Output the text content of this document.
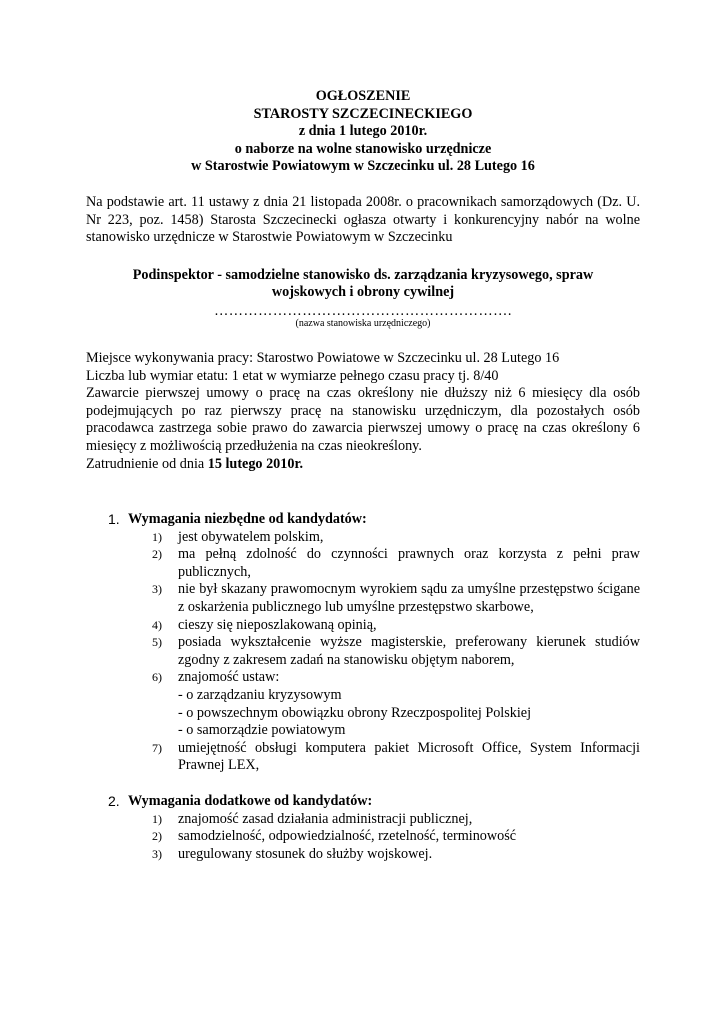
OGŁOSZENIE
STAROSTY SZCZECINECKIEGO
z dnia 1 lutego 2010r.
o naborze na wolne stanowisko urzędnicze
w Starostwie Powiatowym w Szczecinku ul. 28 Lutego 16
Na podstawie art. 11 ustawy z dnia 21 listopada 2008r. o pracownikach samorządowych (Dz. U. Nr 223, poz. 1458) Starosta Szczecinecki ogłasza otwarty i konkurencyjny nabór na wolne stanowisko urzędnicze w Starostwie Powiatowym w Szczecinku
Podinspektor - samodzielne stanowisko ds. zarządzania kryzysowego, spraw
wojskowych i obrony cywilnej
…………………………………………………….
(nazwa stanowiska urzędniczego)

Miejsce wykonywania pracy: Starostwo Powiatowe w Szczecinku ul. 28 Lutego 16

Liczba lub wymiar etatu: 1 etat w wymiarze pełnego czasu pracy tj. 8/40

Zawarcie pierwszej umowy o pracę na czas określony nie dłuższy niż 6 miesięcy dla osób podejmujących po raz pierwszy pracę na stanowisku urzędniczym, dla pozostałych osób pracodawca zastrzega sobie prawo do zawarcia pierwszej umowy o pracę na czas określony 6 miesięcy z możliwością przedłużenia na czas nieokreślony.

Zatrudnienie od dnia 15 lutego 2010r.

1. Wymagania niezbędne od kandydatów:
1)	jest obywatelem polskim,
2)	ma pełną zdolność do czynności prawnych oraz korzysta z pełni praw publicznych,
3)	nie był skazany prawomocnym wyrokiem sądu za umyślne przestępstwo ścigane z oskarżenia publicznego lub umyślne przestępstwo skarbowe,
4)	cieszy się nieposzlakowaną opinią,
5)	posiada wykształcenie wyższe magisterskie, preferowany kierunek studiów zgodny z zakresem zadań na stanowisku objętym naborem,
6)	znajomość ustaw:
- o zarządzaniu kryzysowym
- o powszechnym obowiązku obrony Rzeczpospolitej Polskiej
- o samorządzie powiatowym
7)	umiejętność obsługi komputera pakiet Microsoft Office, System Informacji Prawnej LEX,
2. Wymagania dodatkowe od kandydatów:
1)	znajomość zasad działania administracji publicznej,
2)	samodzielność, odpowiedzialność, rzetelność, terminowość
3)	uregulowany stosunek do służby wojskowej.
